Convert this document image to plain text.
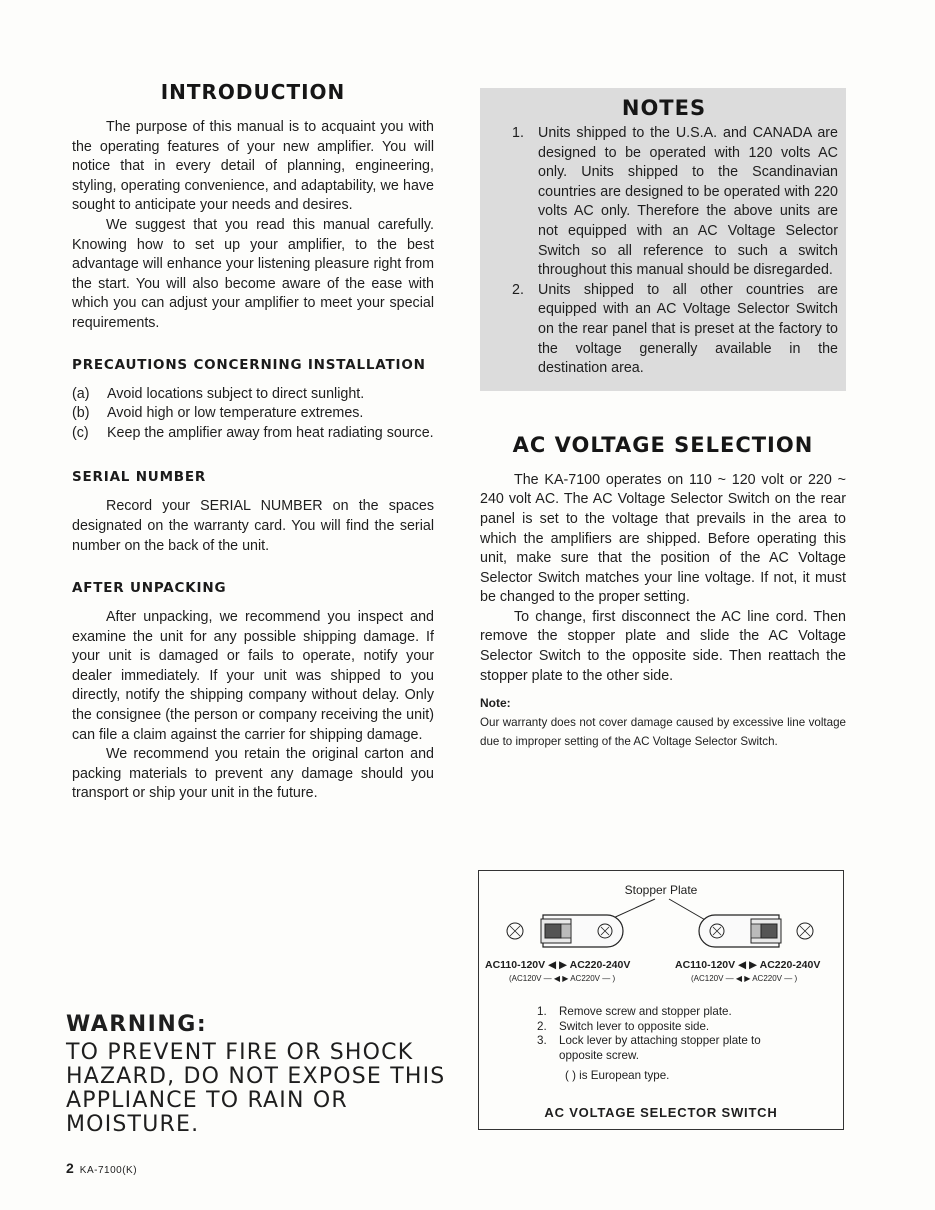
INTRODUCTION

The purpose of this manual is to acquaint you with the operating features of your new amplifier. You will notice that in every detail of planning, engineering, styling, operating convenience, and adaptability, we have sought to anticipate your needs and desires.

We suggest that you read this manual carefully. Knowing how to set up your amplifier, to the best advantage will enhance your listening pleasure right from the start. You will also become aware of the ease with which you can adjust your amplifier to meet your special requirements.

PRECAUTIONS CONCERNING INSTALLATION
(a) Avoid locations subject to direct sunlight.
(b) Avoid high or low temperature extremes.
(c) Keep the amplifier away from heat radiating source.
SERIAL NUMBER

Record your SERIAL NUMBER on the spaces designated on the warranty card. You will find the serial number on the back of the unit.

AFTER UNPACKING

After unpacking, we recommend you inspect and examine the unit for any possible shipping damage. If your unit is damaged or fails to operate, notify your dealer immediately. If your unit was shipped to you directly, notify the shipping company without delay. Only the consignee (the person or company receiving the unit) can file a claim against the carrier for shipping damage.

We recommend you retain the original carton and packing materials to prevent any damage should you transport or ship your unit in the future.

WARNING:

TO PREVENT FIRE OR SHOCK HAZARD, DO NOT EXPOSE THIS APPLIANCE TO RAIN OR MOISTURE.

NOTES
1. Units shipped to the U.S.A. and CANADA are designed to be operated with 120 volts AC only. Units shipped to the Scandinavian countries are designed to be operated with 220 volts AC only. Therefore the above units are not equipped with an AC Voltage Selector Switch so all reference to such a switch throughout this manual should be disregarded.
2. Units shipped to all other countries are equipped with an AC Voltage Selector Switch on the rear panel that is preset at the factory to the voltage generally available in the destination area.
AC VOLTAGE SELECTION

The KA-7100 operates on 110 ~ 120 volt or 220 ~ 240 volt AC. The AC Voltage Selector Switch on the rear panel is set to the voltage that prevails in the area to which the amplifiers are shipped. Before operating this unit, make sure that the position of the AC Voltage Selector Switch matches your line voltage. If not, it must be changed to the proper setting.

To change, first disconnect the AC line cord. Then remove the stopper plate and slide the AC Voltage Selector Switch to the opposite side. Then reattach the stopper plate to the other side.

Note:

Our warranty does not cover damage caused by excessive line voltage due to improper setting of the AC Voltage Selector Switch.

Stopper Plate
AC110-120V ◀ ▶ AC220-240V
(AC120V — ◀ ▶ AC220V — )
AC110-120V ◀ ▶ AC220-240V
(AC120V — ◀ ▶ AC220V — )
1. Remove screw and stopper plate.
2. Switch lever to opposite side.
3. Lock lever by attaching stopper plate to opposite screw.
( ) is European type.
AC VOLTAGE SELECTOR SWITCH
2 KA-7100(K)
